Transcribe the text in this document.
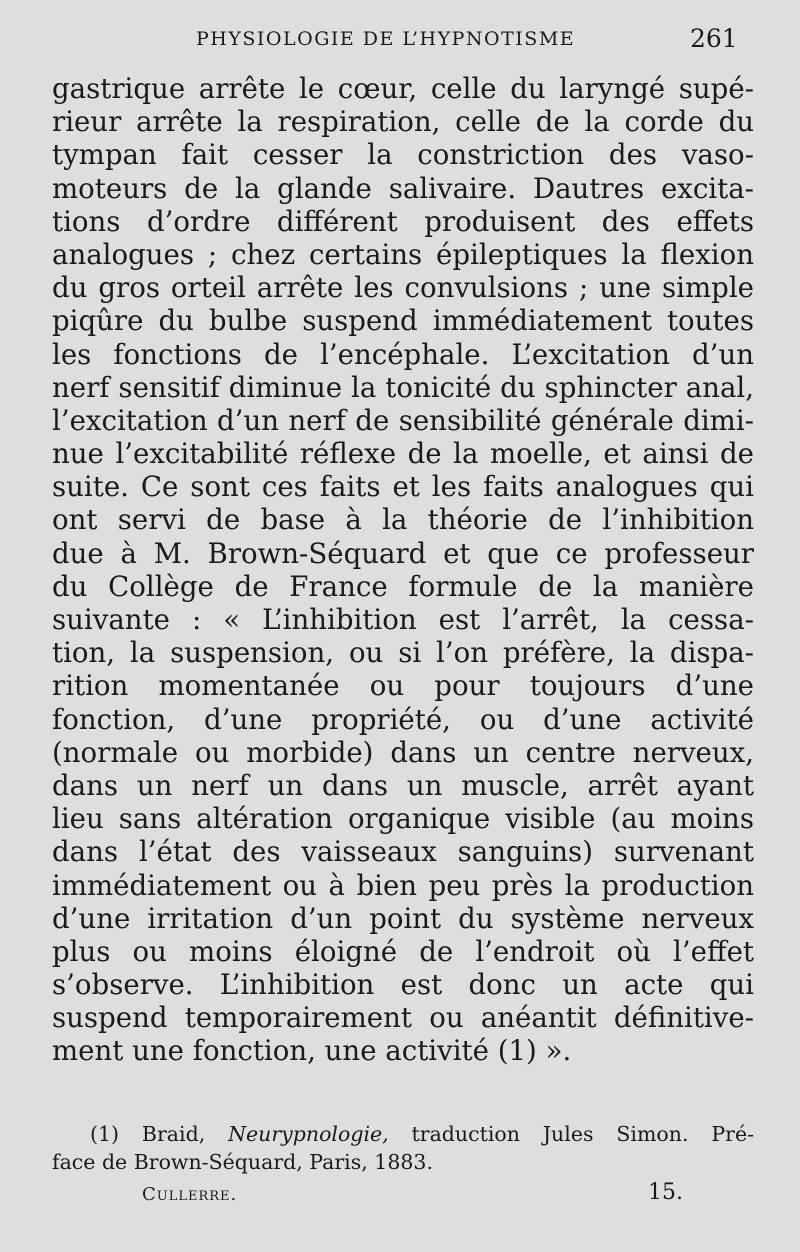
PHYSIOLOGIE DE L’HYPNOTISME	261
gastrique arrête le cœur, celle du laryngé supé-
rieur arrête la respiration, celle de la corde du
tympan fait cesser la constriction des vaso-
moteurs de la glande salivaire. Dautres excita-
tions d’ordre différent produisent des effets
analogues ; chez certains épileptiques la flexion
du gros orteil arrête les convulsions ; une simple
piqûre du bulbe suspend immédiatement toutes
les fonctions de l’encéphale. L’excitation d’un
nerf sensitif diminue la tonicité du sphincter anal,
l’excitation d’un nerf de sensibilité générale dimi-
nue l’excitabilité réflexe de la moelle, et ainsi de
suite. Ce sont ces faits et les faits analogues qui
ont servi de base à la théorie de l’inhibition
due à M. Brown-Séquard et que ce professeur
du Collège de France formule de la manière
suivante : « L’inhibition est l’arrêt, la cessa-
tion, la suspension, ou si l’on préfère, la dispa-
rition momentanée ou pour toujours d’une
fonction, d’une propriété, ou d’une activité
(normale ou morbide) dans un centre nerveux,
dans un nerf un dans un muscle, arrêt ayant
lieu sans altération organique visible (au moins
dans l’état des vaisseaux sanguins) survenant
immédiatement ou à bien peu près la production
d’une irritation d’un point du système nerveux
plus ou moins éloigné de l’endroit où l’effet
s’observe. L’inhibition est donc un acte qui
suspend temporairement ou anéantit définitive-
ment une fonction, une activité (1) ».
(1) Braid, Neurypnologie, traduction Jules Simon. Pré-
face de Brown-Séquard, Paris, 1883.
Cullerre.	15.
